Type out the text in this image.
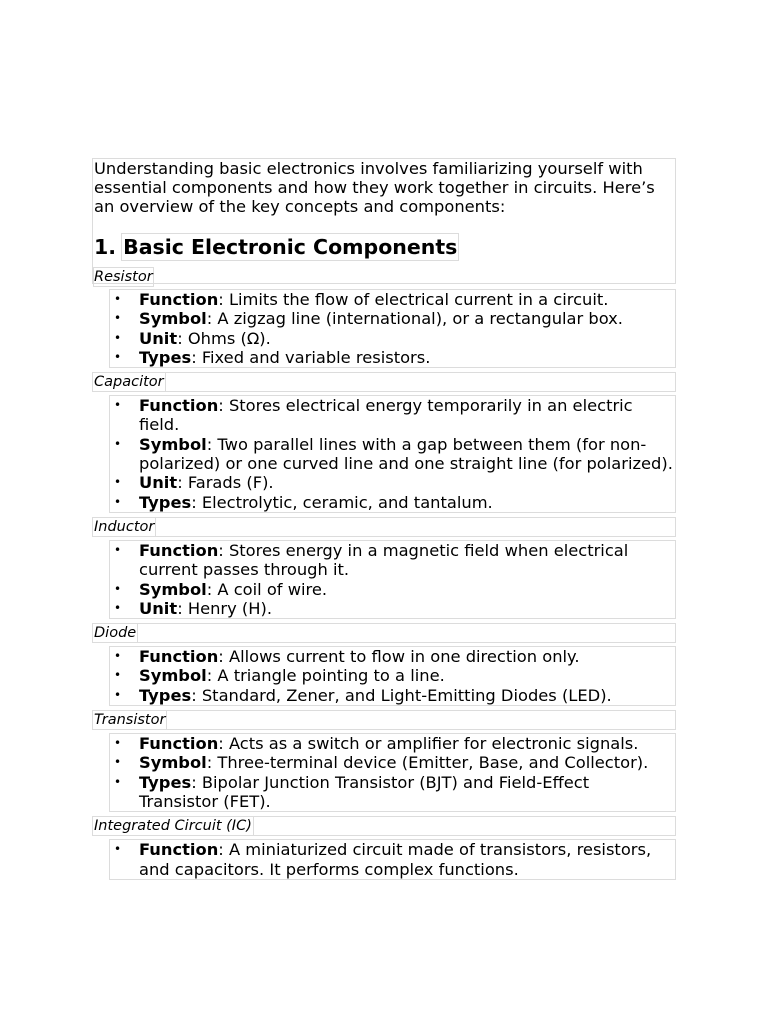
Understanding basic electronics involves familiarizing yourself with essential components and how they work together in circuits. Here’s an overview of the key concepts and components:

1. Basic Electronic Components
Resistor
• Function: Limits the flow of electrical current in a circuit.
• Symbol: A zigzag line (international), or a rectangular box.
• Unit: Ohms (Ω).
• Types: Fixed and variable resistors.
Capacitor
• Function: Stores electrical energy temporarily in an electric field.
• Symbol: Two parallel lines with a gap between them (for non-polarized) or one curved line and one straight line (for polarized).
• Unit: Farads (F).
• Types: Electrolytic, ceramic, and tantalum.
Inductor
• Function: Stores energy in a magnetic field when electrical current passes through it.
• Symbol: A coil of wire.
• Unit: Henry (H).
Diode
• Function: Allows current to flow in one direction only.
• Symbol: A triangle pointing to a line.
• Types: Standard, Zener, and Light-Emitting Diodes (LED).
Transistor
• Function: Acts as a switch or amplifier for electronic signals.
• Symbol: Three-terminal device (Emitter, Base, and Collector).
• Types: Bipolar Junction Transistor (BJT) and Field-Effect Transistor (FET).
Integrated Circuit (IC)
• Function: A miniaturized circuit made of transistors, resistors, and capacitors. It performs complex functions.
